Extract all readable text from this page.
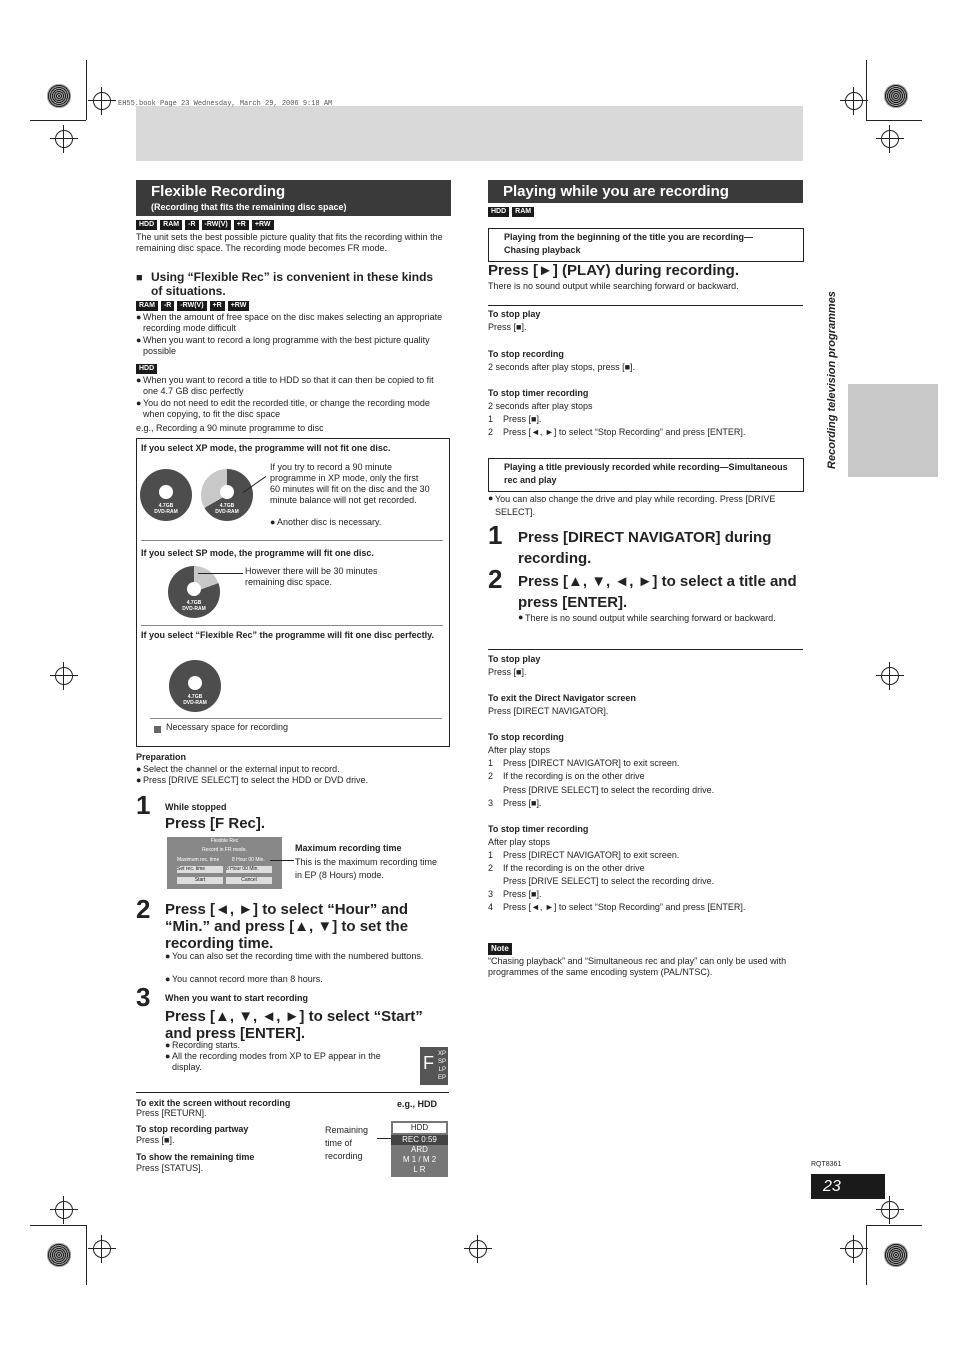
EH55.book Page 23 Wednesday, March 29, 2006 9:18 AM
Recording television programmes
Flexible Recording
(Recording that fits the remaining disc space)
HDD	RAM	-R	-RW(V)	+R	+RW
The unit sets the best possible picture quality that fits the recording within the remaining disc space. The recording mode becomes FR mode.
■ Using “Flexible Rec” is convenient in these kinds of situations.
RAM	-R	-RW(V)	+R	+RW
● When the amount of free space on the disc makes selecting an appropriate recording mode difficult
● When you want to record a long programme with the best picture quality possible
HDD
● When you want to record a title to HDD so that it can then be copied to fit one 4.7 GB disc perfectly
● You do not need to edit the recorded title, or change the recording mode when copying, to fit the disc space
e.g., Recording a 90 minute programme to disc
If you select XP mode, the programme will not fit one disc.
4.7GB
DVD-RAM
4.7GB
DVD-RAM
If you try to record a 90 minute programme in XP mode, only the first 60 minutes will fit on the disc and the 30 minute balance will not get recorded.
● Another disc is necessary.
If you select SP mode, the programme will fit one disc.
4.7GB
DVD-RAM
However there will be 30 minutes remaining disc space.
If you select “Flexible Rec” the programme will fit one disc perfectly.
4.7GB
DVD-RAM
Necessary space for recording
Preparation
● Select the channel or the external input to record.
● Press [DRIVE SELECT] to select the HDD or DVD drive.
1 While stopped
Press [F Rec].
Flexible Rec
Record in FR mode.
Maximum rec. time	8 Hour 00 Min.
Set rec. time	8 Hour 00 Min.
Start	Cancel
Maximum recording time
This is the maximum recording time in EP (8 Hours) mode.
2 Press [◄, ►] to select “Hour” and “Min.” and press [▲, ▼] to set the recording time.
● You can also set the recording time with the numbered buttons.
● You cannot record more than 8 hours.
3 When you want to start recording
Press [▲, ▼, ◄, ►] to select “Start” and press [ENTER].
● Recording starts.
● All the recording modes from XP to EP appear in the display.	F XP
SP
LP
EP
To exit the screen without recording
Press [RETURN].
e.g., HDD
To stop recording partway
Press [■].
To show the remaining time
Press [STATUS].
Remaining time of recording
HDD
REC 0:59
ARD
M 1 / M 2
L R
Playing while you are recording
HDD	RAM
Playing from the beginning of the title you are recording—Chasing playback
Press [►] (PLAY) during recording.
There is no sound output while searching forward or backward.
To stop play
Press [■].
To stop recording
2 seconds after play stops, press [■].
To stop timer recording
2 seconds after play stops
1 Press [■].
2 Press [◄, ►] to select “Stop Recording” and press [ENTER].
Playing a title previously recorded while recording—Simultaneous rec and play
● You can also change the drive and play while recording. Press [DRIVE SELECT].
1 Press [DIRECT NAVIGATOR] during recording.
2 Press [▲, ▼, ◄, ►] to select a title and press [ENTER].
● There is no sound output while searching forward or backward.
To stop play
Press [■].
To exit the Direct Navigator screen
Press [DIRECT NAVIGATOR].
To stop recording
After play stops
1 Press [DIRECT NAVIGATOR] to exit screen.
2 If the recording is on the other drive
Press [DRIVE SELECT] to select the recording drive.
3 Press [■].
To stop timer recording
After play stops
1 Press [DIRECT NAVIGATOR] to exit screen.
2 If the recording is on the other drive
Press [DRIVE SELECT] to select the recording drive.
3 Press [■].
4 Press [◄, ►] to select “Stop Recording” and press [ENTER].
Note
“Chasing playback” and “Simultaneous rec and play” can only be used with programmes of the same encoding system (PAL/NTSC).
RQT8361
23
